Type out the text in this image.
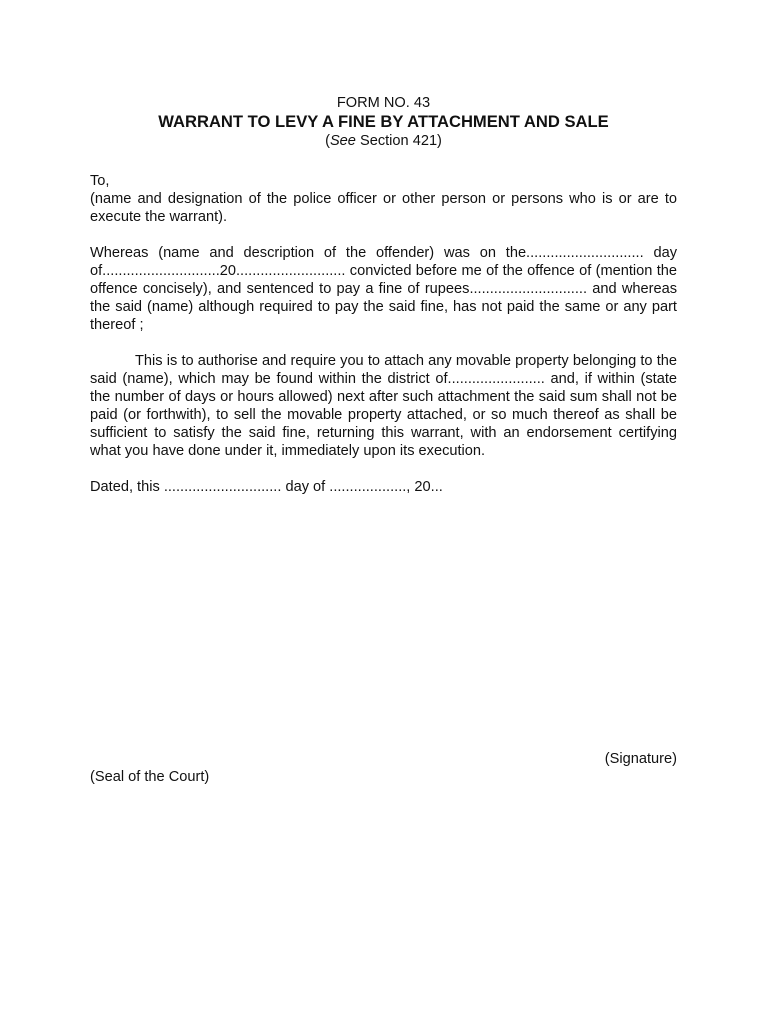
FORM NO. 43
WARRANT TO LEVY A FINE BY ATTACHMENT AND SALE
(See Section 421)

To,

(name and designation of the police officer or other person or persons who is or are to execute the warrant).

Whereas (name and description of the offender) was on the............................. day of.............................20........................... convicted before me of the offence of (mention the offence concisely), and sentenced to pay a fine of rupees............................. and whereas the said (name) although required to pay the said fine, has not paid the same or any part thereof ;

This is to authorise and require you to attach any movable property belonging to the said (name), which may be found within the district of........................ and, if within (state the number of days or hours allowed) next after such attachment the said sum shall not be paid (or forthwith), to sell the movable property attached, or so much thereof as shall be sufficient to satisfy the said fine, returning this warrant, with an endorsement certifying what you have done under it, immediately upon its execution.

Dated, this ............................. day of ..................., 20...

(Signature)
(Seal of the Court)
